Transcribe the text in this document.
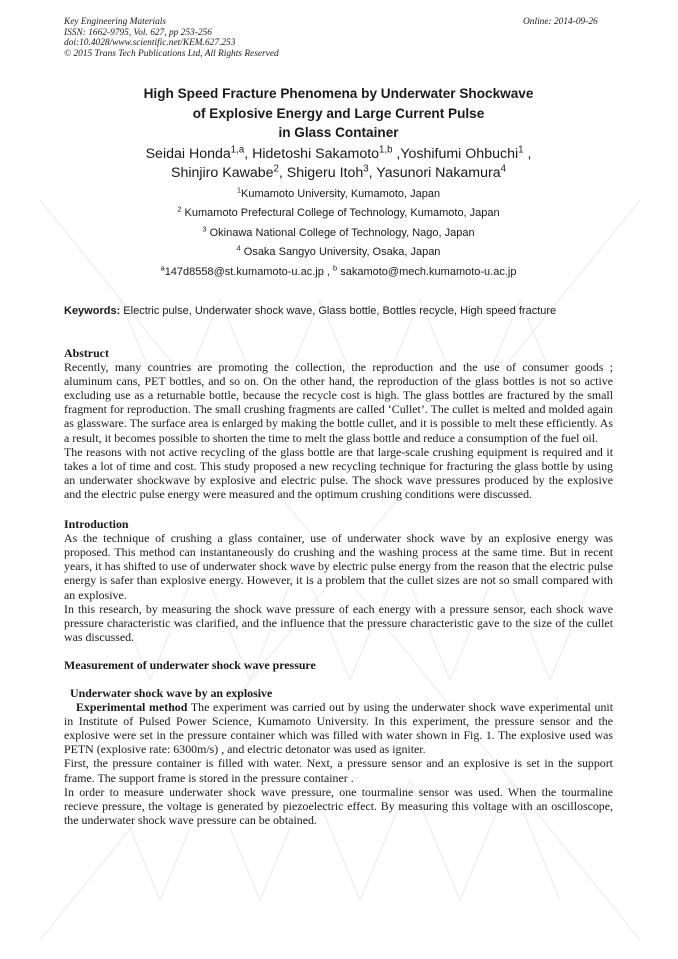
Key Engineering Materials
ISSN: 1662-9795, Vol. 627, pp 253-256
doi:10.4028/www.scientific.net/KEM.627.253
© 2015 Trans Tech Publications Ltd, All Rights Reserved
Online: 2014-09-26
High Speed Fracture Phenomena by Underwater Shockwave
of Explosive Energy and Large Current Pulse
in Glass Container
Seidai Honda$^{1,a}$, Hidetoshi Sakamoto$^{1,b}$ ,Yoshifumi Ohbuchi$^1$ ,
Shinjiro Kawabe$^2$, Shigeru Itoh$^3$, Yasunori Nakamura$^4$
$^1$Kumamoto University, Kumamoto, Japan
$^2$ Kumamoto Prefectural College of Technology, Kumamoto, Japan
$^3$ Okinawa National College of Technology, Nago, Japan
$^4$ Osaka Sangyo University, Osaka, Japan
$^a$147d8558@st.kumamoto-u.ac.jp , $^b$ sakamoto@mech.kumamoto-u.ac.jp
Keywords: Electric pulse, Underwater shock wave, Glass bottle, Bottles recycle, High speed fracture
Abstruct

Recently, many countries are promoting the collection, the reproduction and the use of consumer goods ; aluminum cans, PET bottles, and so on. On the other hand, the reproduction of the glass bottles is not so active excluding use as a returnable bottle, because the recycle cost is high. The glass bottles are fractured by the small fragment for reproduction. The small crushing fragments are called ‘Cullet’. The cullet is melted and molded again as glassware. The surface area is enlarged by making the bottle cullet, and it is possible to melt these efficiently. As a result, it becomes possible to shorten the time to melt the glass bottle and reduce a consumption of the fuel oil.

The reasons with not active recycling of the glass bottle are that large-scale crushing equipment is required and it takes a lot of time and cost. This study proposed a new recycling technique for fracturing the glass bottle by using an underwater shockwave by explosive and electric pulse. The shock wave pressures produced by the explosive and the electric pulse energy were measured and the optimum crushing conditions were discussed.

Introduction

As the technique of crushing a glass container, use of underwater shock wave by an explosive energy was proposed. This method can instantaneously do crushing and the washing process at the same time. But in recent years, it has shifted to use of underwater shock wave by electric pulse energy from the reason that the electric pulse energy is safer than explosive energy. However, it is a problem that the cullet sizes are not so small compared with an explosive.

In this research, by measuring the shock wave pressure of each energy with a pressure sensor, each shock wave pressure characteristic was clarified, and the influence that the pressure characteristic gave to the size of the cullet was discussed.

Measurement of underwater shock wave pressure
Underwater shock wave by an explosive

Experimental method The experiment was carried out by using the underwater shock wave experimental unit in Institute of Pulsed Power Science, Kumamoto University. In this experiment, the pressure sensor and the explosive were set in the pressure container which was filled with water shown in Fig. 1. The explosive used was PETN (explosive rate: 6300m/s) , and electric detonator was used as igniter.

First, the pressure container is filled with water. Next, a pressure sensor and an explosive is set in the support frame. The support frame is stored in the pressure container .

In order to measure underwater shock wave pressure, one tourmaline sensor was used. When the tourmaline recieve pressure, the voltage is generated by piezoelectric effect. By measuring this voltage with an oscilloscope, the underwater shock wave pressure can be obtained.
